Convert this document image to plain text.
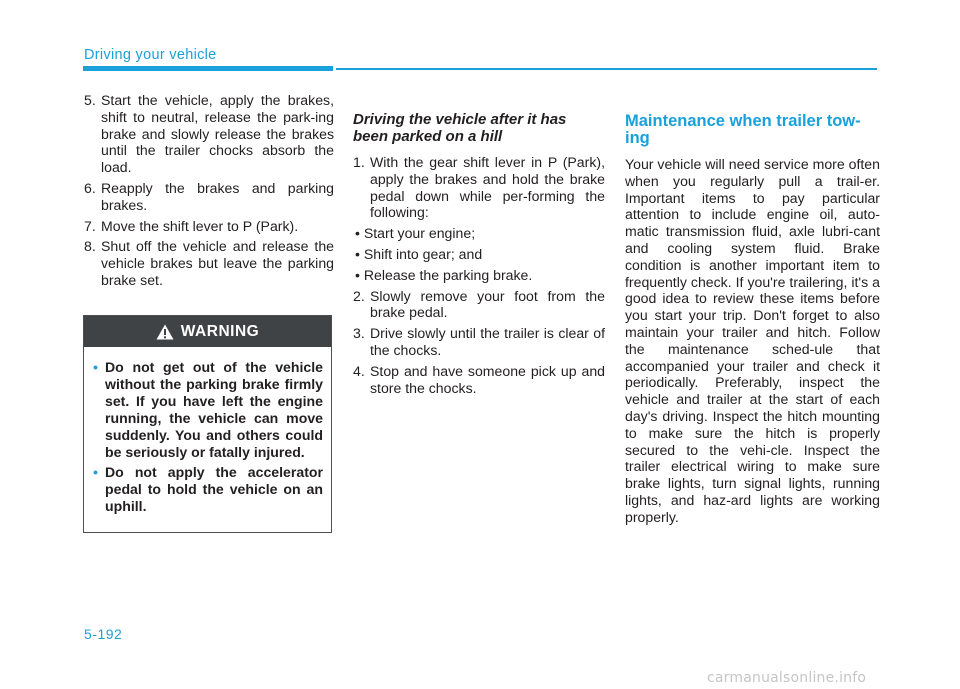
Driving your vehicle
5. Start the vehicle, apply the brakes, shift to neutral, release the park-ing brake and slowly release the brakes until the trailer chocks absorb the load.
6. Reapply the brakes and parking brakes.
7. Move the shift lever to P (Park).
8. Shut off the vehicle and release the vehicle brakes but leave the parking brake set.
WARNING
• Do not get out of the vehicle without the parking brake firmly set. If you have left the engine running, the vehicle can move suddenly. You and others could be seriously or fatally injured.
• Do not apply the accelerator pedal to hold the vehicle on an uphill.
Driving the vehicle after it has been parked on a hill
1. With the gear shift lever in P (Park), apply the brakes and hold the brake pedal down while per-forming the following:
• Start your engine;
• Shift into gear; and
• Release the parking brake.
2. Slowly remove your foot from the brake pedal.
3. Drive slowly until the trailer is clear of the chocks.
4. Stop and have someone pick up and store the chocks.
Maintenance when trailer tow-ing

Your vehicle will need service more often when you regularly pull a trail-er. Important items to pay particular attention to include engine oil, auto-matic transmission fluid, axle lubri-cant and cooling system fluid. Brake condition is another important item to frequently check. If you're trailering, it's a good idea to review these items before you start your trip. Don't forget to also maintain your trailer and hitch. Follow the maintenance sched-ule that accompanied your trailer and check it periodically. Preferably, inspect the vehicle and trailer at the start of each day's driving. Inspect the hitch mounting to make sure the hitch is properly secured to the vehi-cle. Inspect the trailer electrical wiring to make sure brake lights, turn signal lights, running lights, and haz-ard lights are working properly.

5-192
carmanualsonline.info
